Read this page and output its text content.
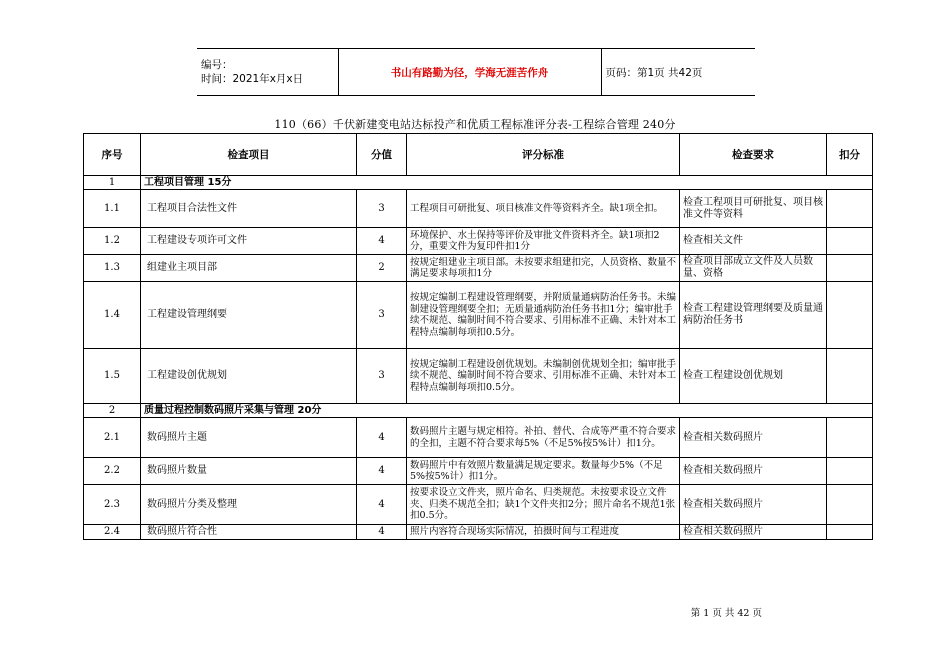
编号：
时间：2021年x月x日
	书山有路勤为径，学海无涯苦作舟	页码：第1页 共42页
110（66）千伏新建变电站达标投产和优质工程标准评分表-工程综合管理 240分
序号	检查项目	分值	评分标准	检查要求	扣分
1	工程项目管理 15分				
1.1	工程项目合法性文件	3	工程项目可研批复、项目核准文件等资料齐全。缺1项全扣。	检查工程项目可研批复、项目核准文件等资料	
1.2	工程建设专项许可文件	4	环境保护、水土保持等评价及审批文件资料齐全。缺1项扣2分，重要文件为复印件扣1分	检查相关文件	
1.3	组建业主项目部	2	按规定组建业主项目部。未按要求组建扣完，人员资格、数量不满足要求每项扣1分	检查项目部成立文件及人员数量、资格	
1.4	工程建设管理纲要	3	按规定编制工程建设管理纲要，并附质量通病防治任务书。未编制建设管理纲要全扣；无质量通病防治任务书扣1分；编审批手续不规范、编制时间不符合要求、引用标准不正确、未针对本工程特点编制每项扣0.5分。	检查工程建设管理纲要及质量通病防治任务书	
1.5	工程建设创优规划	3	按规定编制工程建设创优规划。未编制创优规划全扣；编审批手续不规范、编制时间不符合要求、引用标准不正确、未针对本工程特点编制每项扣0.5分。	检查工程建设创优规划	
2	质量过程控制数码照片采集与管理 20分				
2.1	数码照片主题	4	数码照片主题与规定相符。补拍、替代、合成等严重不符合要求的全扣，主题不符合要求每5%（不足5%按5%计）扣1分。	检查相关数码照片	
2.2	数码照片数量	4	数码照片中有效照片数量满足规定要求。数量每少5%（不足5%按5%计）扣1分。	检查相关数码照片	
2.3	数码照片分类及整理	4	按要求设立文件夹，照片命名、归类规范。未按要求设立文件夹、归类不规范全扣；缺1个文件夹扣2分；照片命名不规范1张扣0.5分。	检查相关数码照片	
2.4	数码照片符合性	4	照片内容符合现场实际情况，拍摄时间与工程进度	检查相关数码照片	
第 1 页 共 42 页
